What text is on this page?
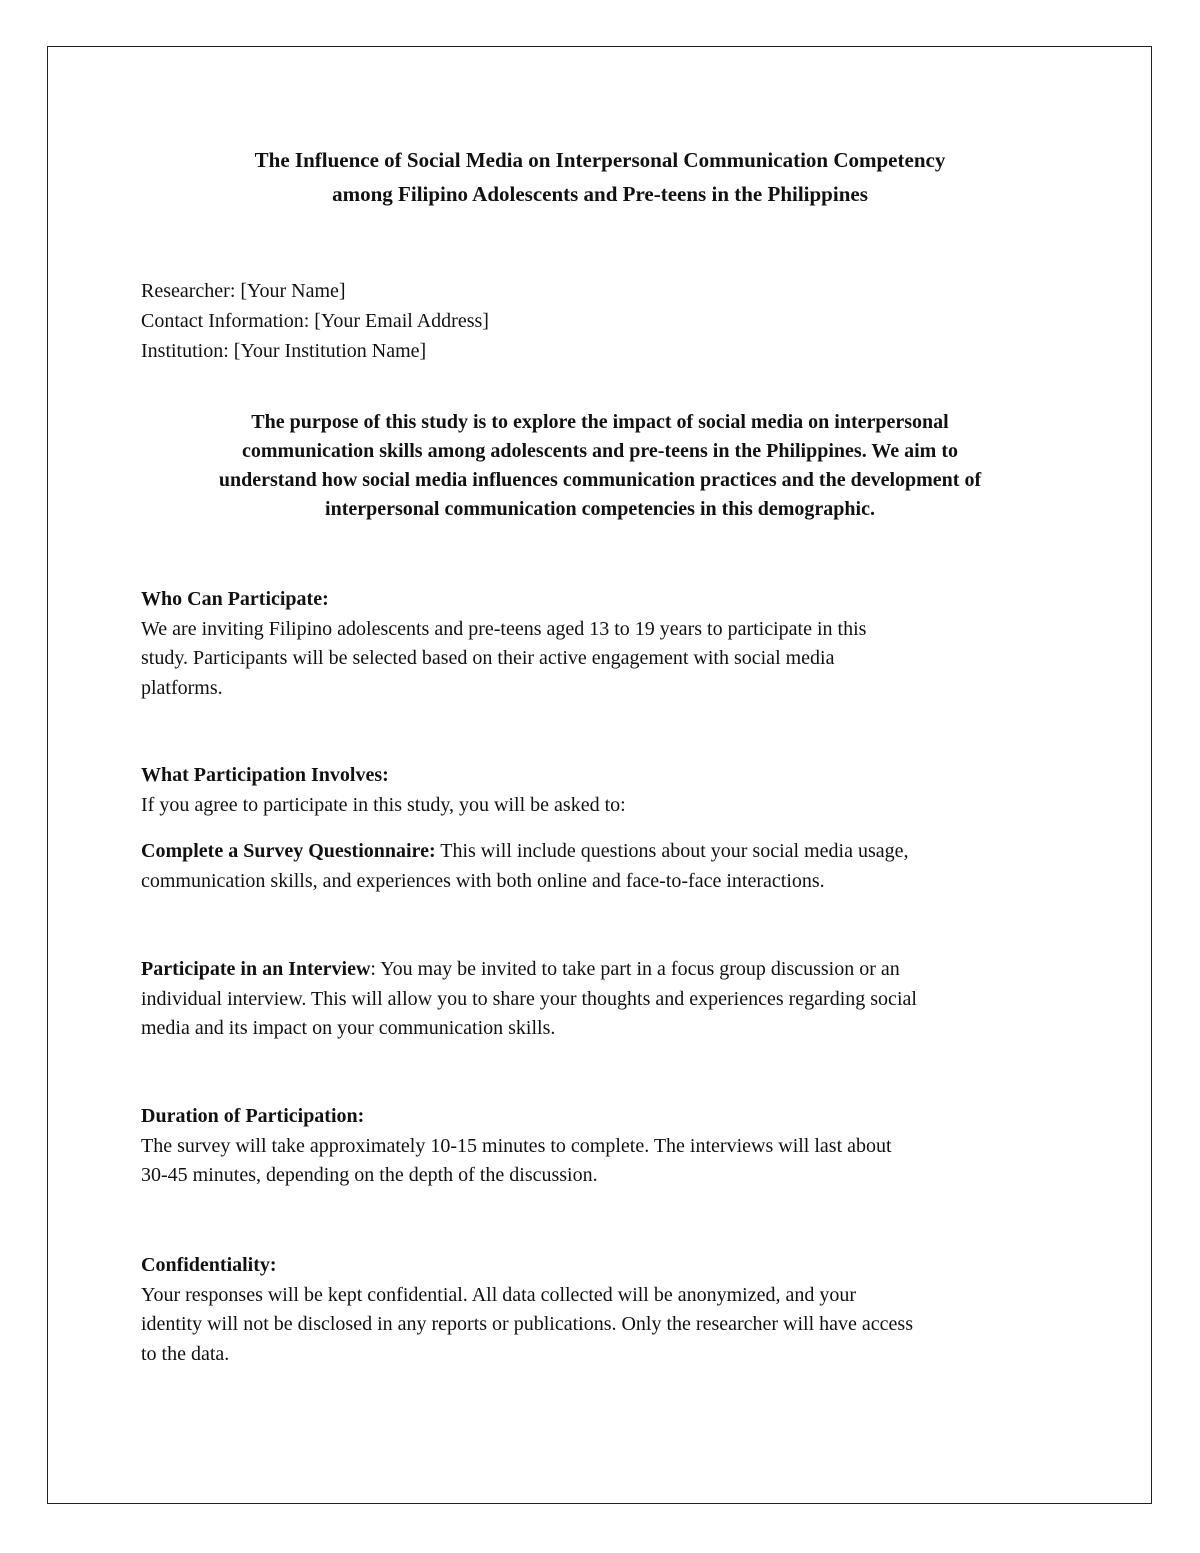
The Influence of Social Media on Interpersonal Communication Competency
among Filipino Adolescents and Pre-teens in the Philippines
Researcher: [Your Name]
Contact Information: [Your Email Address]
Institution: [Your Institution Name]

The purpose of this study is to explore the impact of social media on interpersonal
communication skills among adolescents and pre-teens in the Philippines. We aim to
understand how social media influences communication practices and the development of
interpersonal communication competencies in this demographic.

Who Can Participate:
We are inviting Filipino adolescents and pre-teens aged 13 to 19 years to participate in this
study. Participants will be selected based on their active engagement with social media
platforms.
What Participation Involves:
If you agree to participate in this study, you will be asked to:
Complete a Survey Questionnaire: This will include questions about your social media usage,
communication skills, and experiences with both online and face-to-face interactions.
Participate in an Interview: You may be invited to take part in a focus group discussion or an
individual interview. This will allow you to share your thoughts and experiences regarding social
media and its impact on your communication skills.
Duration of Participation:
The survey will take approximately 10-15 minutes to complete. The interviews will last about
30-45 minutes, depending on the depth of the discussion.
Confidentiality:
Your responses will be kept confidential. All data collected will be anonymized, and your
identity will not be disclosed in any reports or publications. Only the researcher will have access
to the data.
